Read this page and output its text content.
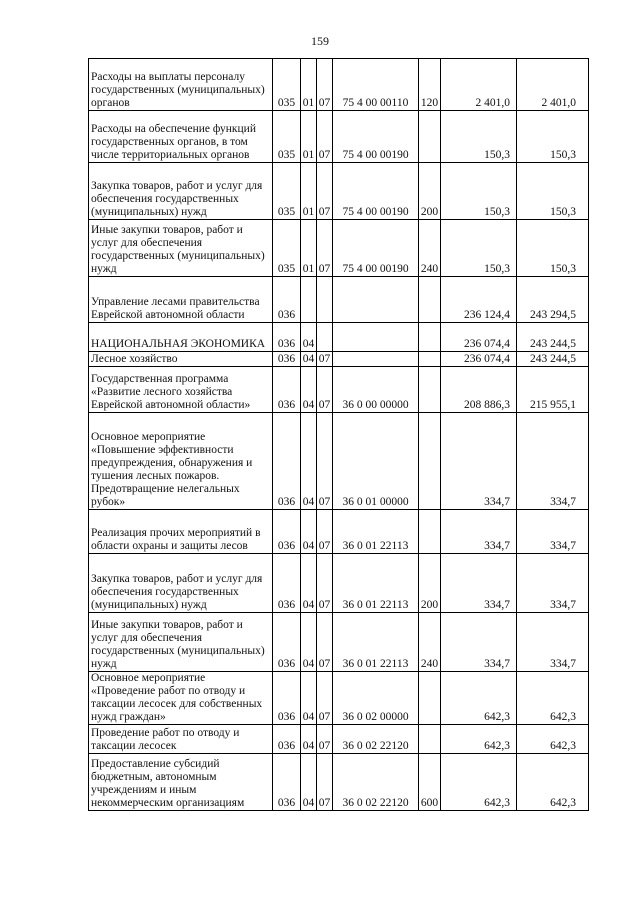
159
Расходы на выплаты персоналу государственных (муниципальных) органов	035	01	07	75 4 00 00110	120	2 401,0	2 401,0
Расходы на обеспечение функций государственных органов, в том числе территориальных органов	035	01	07	75 4 00 00190		150,3	150,3
Закупка товаров, работ и услуг для обеспечения государственных (муниципальных) нужд	035	01	07	75 4 00 00190	200	150,3	150,3
Иные закупки товаров, работ и услуг для обеспечения государственных (муниципальных) нужд	035	01	07	75 4 00 00190	240	150,3	150,3
Управление лесами правительства Еврейской автономной области	036					236 124,4	243 294,5
НАЦИОНАЛЬНАЯ ЭКОНОМИКА	036	04				236 074,4	243 244,5
Лесное хозяйство	036	04	07			236 074,4	243 244,5
Государственная программа «Развитие лесного хозяйства Еврейской автономной области»	036	04	07	36 0 00 00000		208 886,3	215 955,1
Основное мероприятие «Повышение эффективности предупреждения, обнаружения и тушения лесных пожаров. Предотвращение нелегальных рубок»	036	04	07	36 0 01 00000		334,7	334,7
Реализация прочих мероприятий в области охраны и защиты лесов	036	04	07	36 0 01 22113		334,7	334,7
Закупка товаров, работ и услуг для обеспечения государственных (муниципальных) нужд	036	04	07	36 0 01 22113	200	334,7	334,7
Иные закупки товаров, работ и услуг для обеспечения государственных (муниципальных) нужд	036	04	07	36 0 01 22113	240	334,7	334,7
Основное мероприятие «Проведение работ по отводу и таксации лесосек для собственных нужд граждан»	036	04	07	36 0 02 00000		642,3	642,3
Проведение работ по отводу и таксации лесосек	036	04	07	36 0 02 22120		642,3	642,3
Предоставление субсидий бюджетным, автономным учреждениям и иным некоммерческим организациям	036	04	07	36 0 02 22120	600	642,3	642,3
